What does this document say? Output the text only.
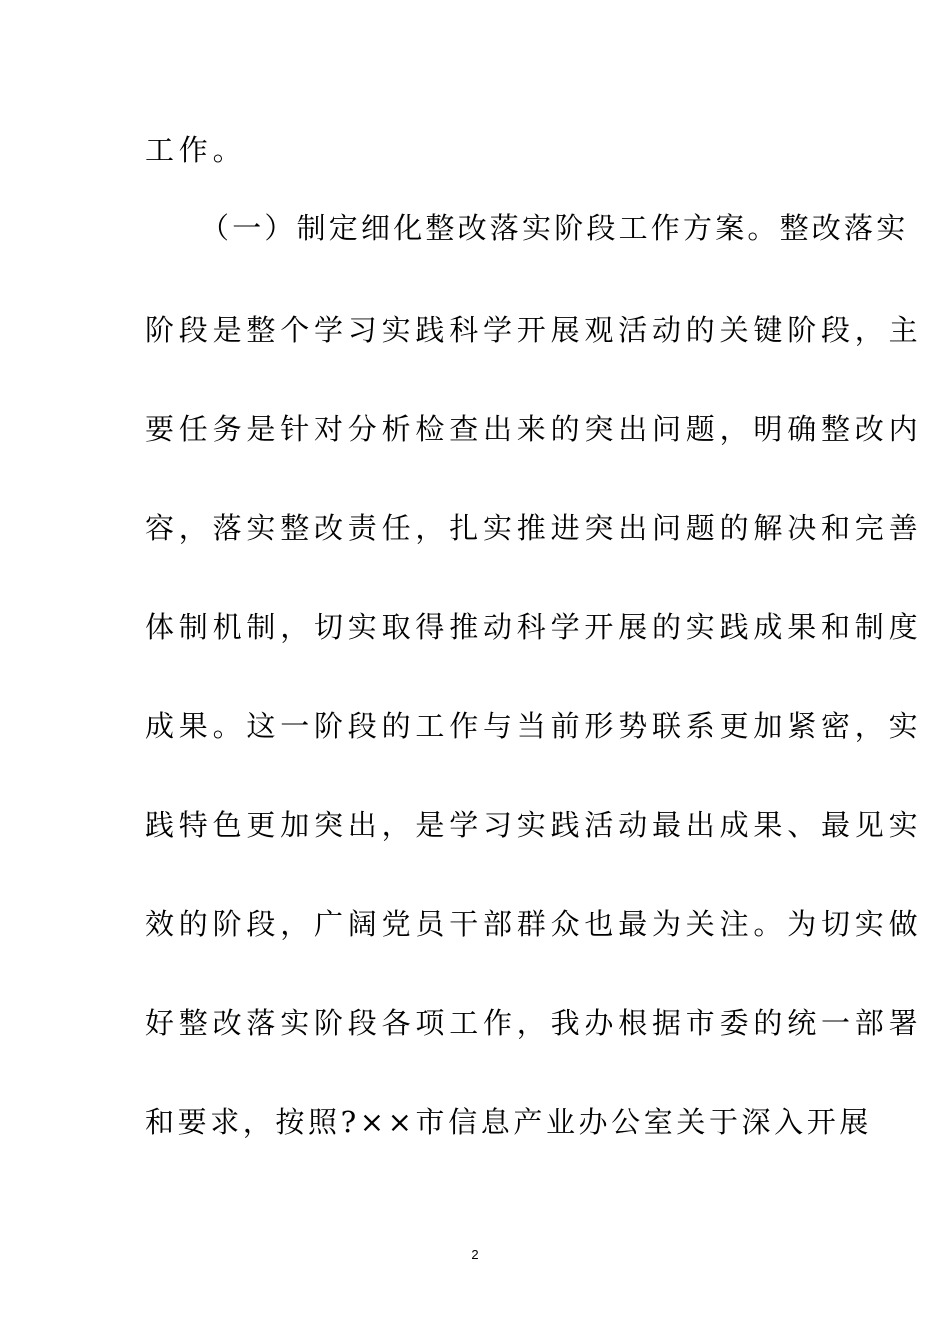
工作。
（一）制定细化整改落实阶段工作方案。整改落实
阶段是整个学习实践科学开展观活动的关键阶段，主
要任务是针对分析检查出来的突出问题，明确整改内
容，落实整改责任，扎实推进突出问题的解决和完善
体制机制，切实取得推动科学开展的实践成果和制度
成果。这一阶段的工作与当前形势联系更加紧密，实
践特色更加突出，是学习实践活动最出成果、最见实
效的阶段，广阔党员干部群众也最为关注。为切实做
好整改落实阶段各项工作，我办根据市委的统一部署
和要求，按照?××市信息产业办公室关于深入开展
2
